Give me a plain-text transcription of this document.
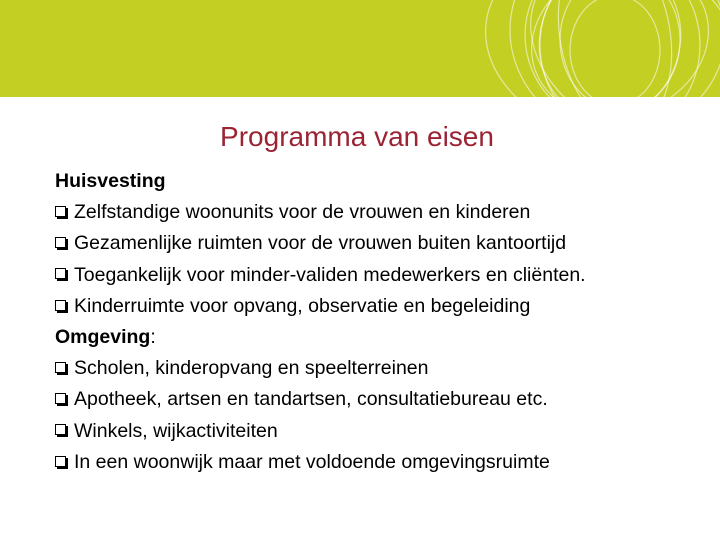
Programma van eisen
Huisvesting
Zelfstandige woonunits voor de vrouwen en kinderen
Gezamenlijke ruimten voor de vrouwen buiten kantoortijd
Toegankelijk voor minder-validen medewerkers en cliënten.
Kinderruimte voor opvang, observatie en begeleiding
Omgeving:
Scholen, kinderopvang en speelterreinen
Apotheek, artsen en tandartsen, consultatiebureau etc.
Winkels, wijkactiviteiten
In een woonwijk maar met voldoende omgevingsruimte
